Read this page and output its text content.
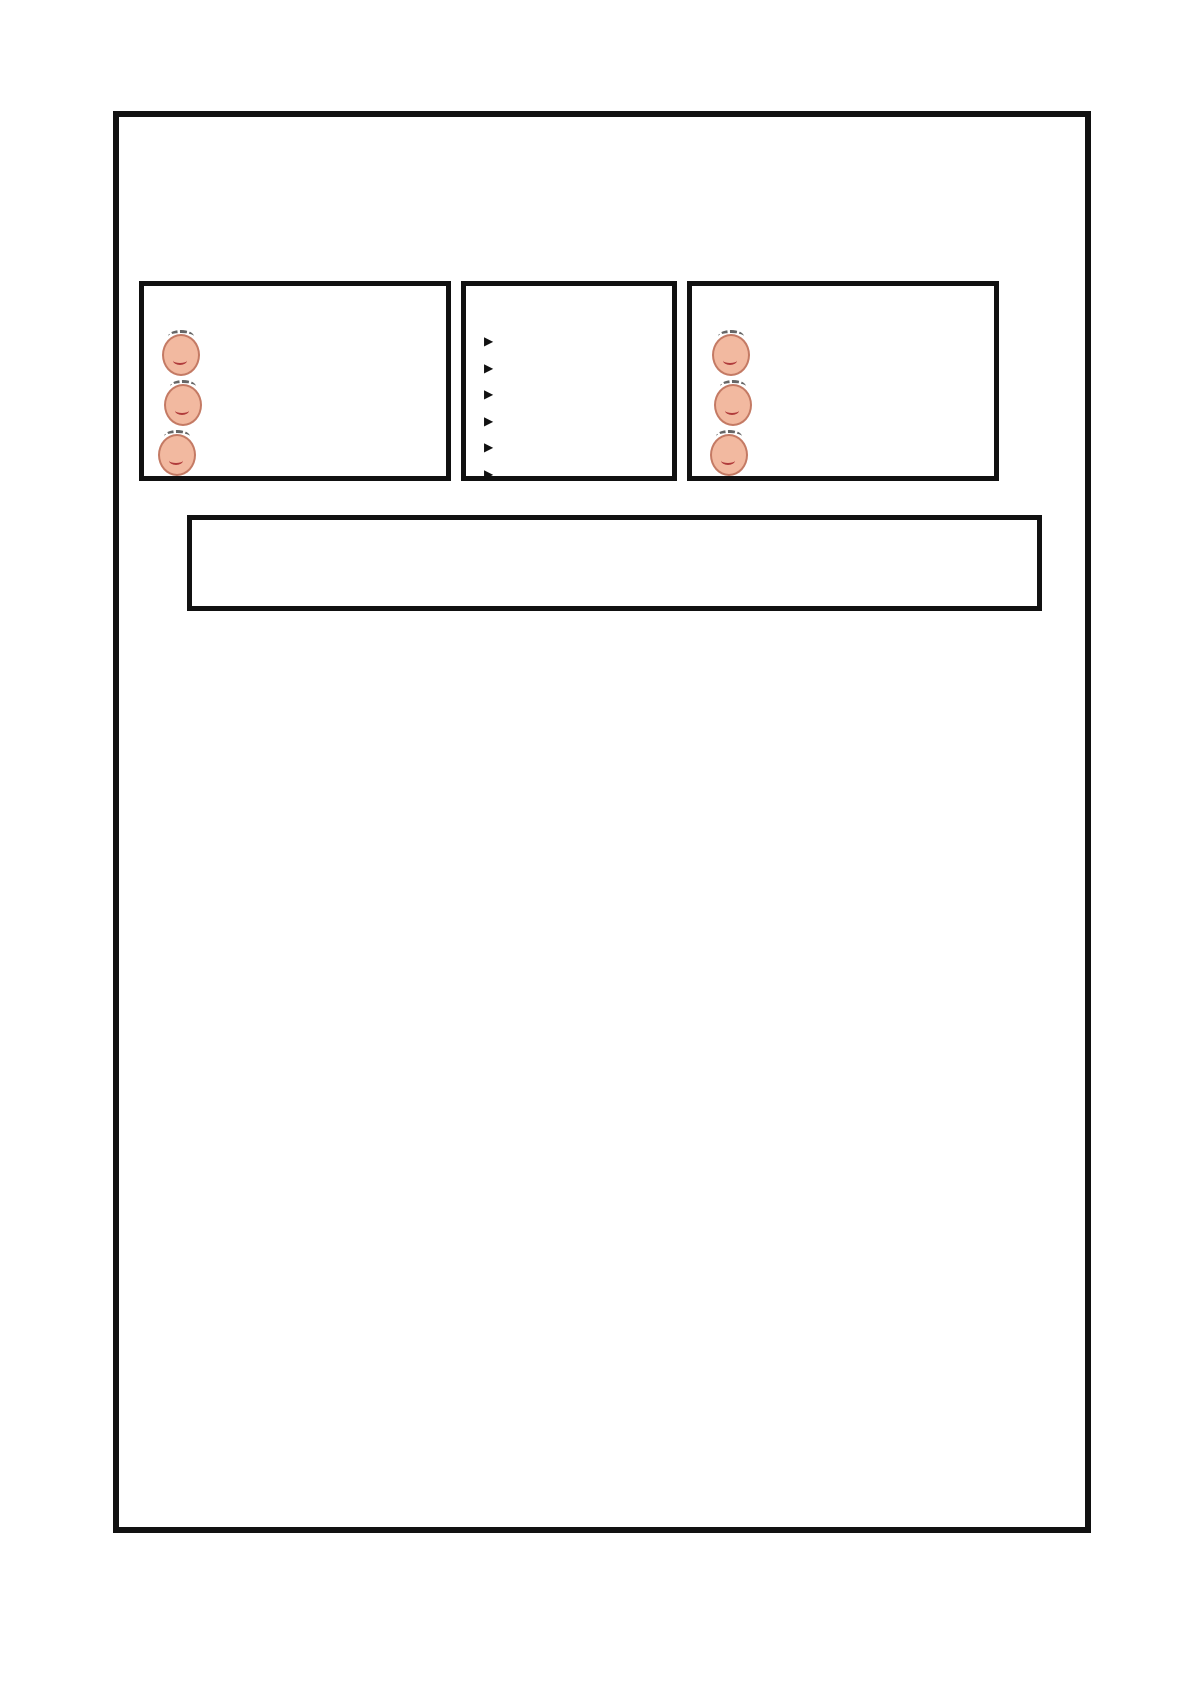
▶
▶
▶
▶
▶
▶
